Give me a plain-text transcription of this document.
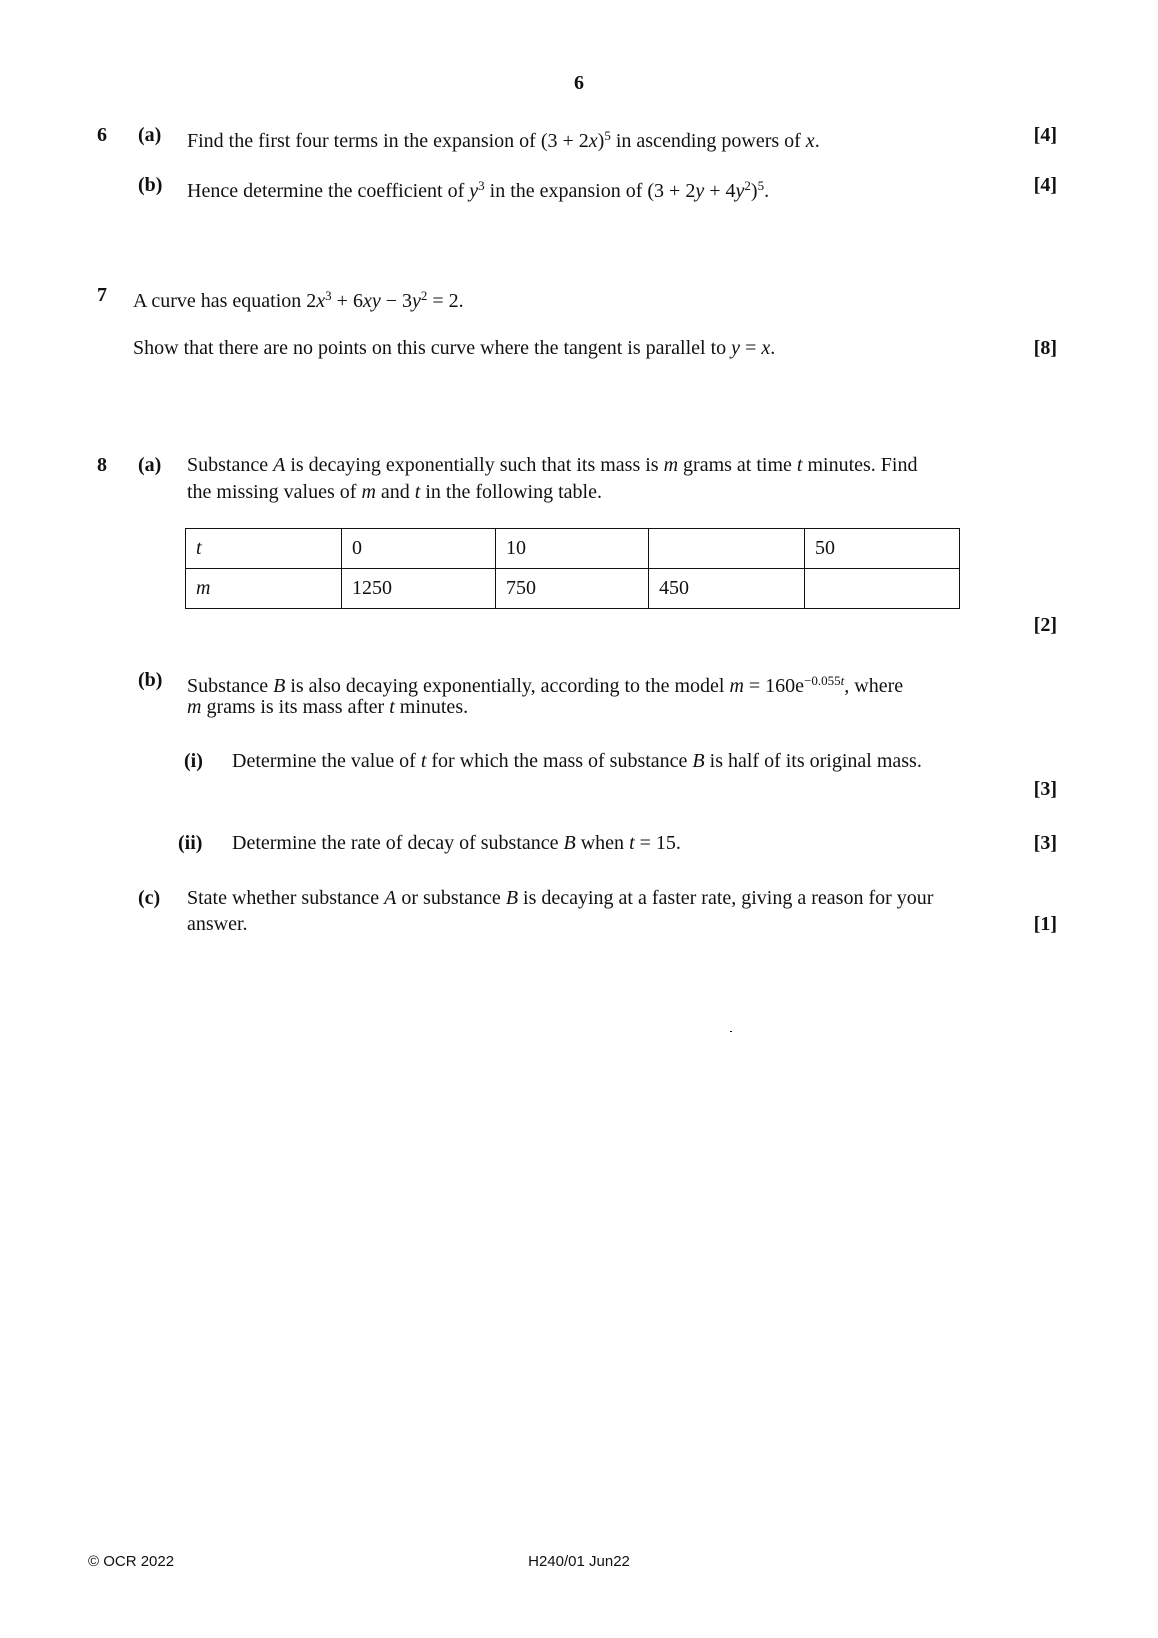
6
6 (a) Find the first four terms in the expansion of $(3 + 2x)^5$ in ascending powers of x.	[4]
(b) Hence determine the coefficient of $y^3$ in the expansion of $(3 + 2y + 4y^2)^5$.	[4]
7 A curve has equation $2x^3 + 6xy - 3y^2 = 2$.
Show that there are no points on this curve where the tangent is parallel to y = x.	[8]
8 (a) Substance A is decaying exponentially such that its mass is m grams at time t minutes. Find
the missing values of m and t in the following table.
t	0	10		50
m	1250	750	450	
[2]
(b) Substance B is also decaying exponentially, according to the model $m = 160e^{-0.055t}$, where
m grams is its mass after t minutes.
(i) Determine the value of t for which the mass of substance B is half of its original mass.
[3]
(ii) Determine the rate of decay of substance B when t = 15.	[3]
(c) State whether substance A or substance B is decaying at a faster rate, giving a reason for your
answer.	[1]
H240/01 Jun22
© OCR 2022
